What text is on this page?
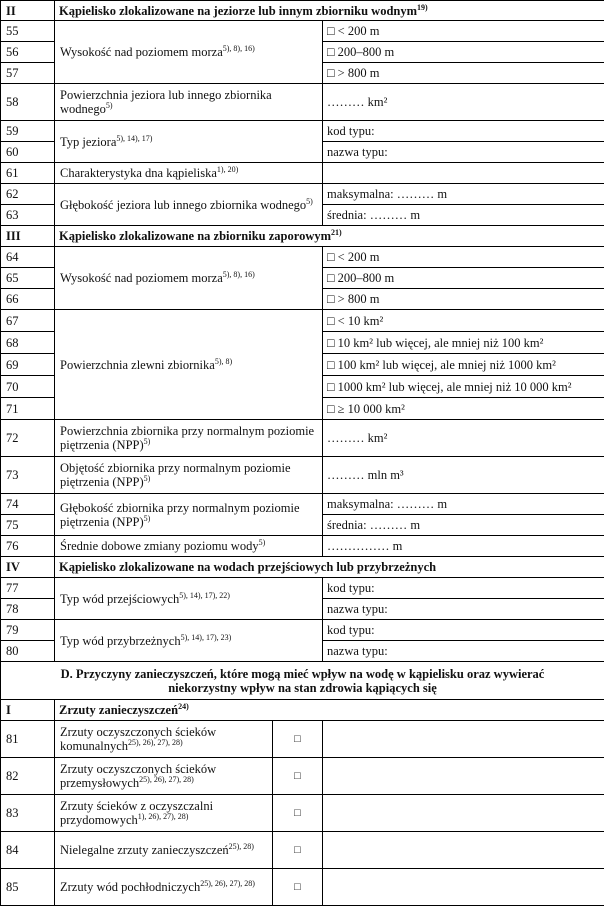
II	Kąpielisko zlokalizowane na jeziorze lub innym zbiorniku wodnym$^{19)}$
55	Wysokość nad poziomem morza$^{5), 8), 16)}$		□ < 200 m
56			□ 200–800 m
57			□ > 800 m
58	Powierzchnia jeziora lub innego zbiornika wodnego$^{5)}$		……… km²
59	Typ jeziora$^{5), 14), 17)}$		kod typu:
60			nazwa typu:
61	Charakterystyka dna kąpieliska$^{1), 20)}$	
62	Głębokość jeziora lub innego zbiornika wodnego$^{5)}$		maksymalna: ……… m
63			średnia: ……… m
III	Kąpielisko zlokalizowane na zbiorniku zaporowym$^{21)}$
64	Wysokość nad poziomem morza$^{5), 8), 16)}$		□ < 200 m
65			□ 200–800 m
66			□ > 800 m
67	Powierzchnia zlewni zbiornika$^{5), 8)}$		□ < 10 km²
68			□ 10 km² lub więcej, ale mniej niż 100 km²
69			□ 100 km² lub więcej, ale mniej niż 1000 km²
70			□ 1000 km² lub więcej, ale mniej niż 10 000 km²
71			□ ≥ 10 000 km²
72	Powierzchnia zbiornika przy normalnym poziomie piętrzenia (NPP)$^{5)}$		……… km²
73	Objętość zbiornika przy normalnym poziomie piętrzenia (NPP)$^{5)}$		……… mln m³
74	Głębokość zbiornika przy normalnym poziomie piętrzenia (NPP)$^{5)}$		maksymalna: ……… m
75			średnia: ……… m
76	Średnie dobowe zmiany poziomu wody$^{5)}$		…………… m
IV	Kąpielisko zlokalizowane na wodach przejściowych lub przybrzeżnych		
77	Typ wód przejściowych$^{5), 14), 17), 22)}$		kod typu:
78			nazwa typu:
79	Typ wód przybrzeżnych$^{5), 14), 17), 23)}$		kod typu:
80			nazwa typu:
D. Przyczyny zanieczyszczeń, które mogą mieć wpływ na wodę w kąpielisku oraz wywierać niekorzystny wpływ na stan zdrowia kąpiących się			
I	Zrzuty zanieczyszczeń$^{24)}$
81	Zrzuty oczyszczonych ścieków komunalnych$^{25), 26), 27), 28)}$	□	
82	Zrzuty oczyszczonych ścieków przemysłowych$^{25), 26), 27), 28)}$	□	
83	Zrzuty ścieków z oczyszczalni przydomowych$^{1), 26), 27), 28)}$	□	
84	Nielegalne zrzuty zanieczyszczeń$^{25), 28)}$	□	
85	Zrzuty wód pochłodniczych$^{25), 26), 27), 28)}$	□	
